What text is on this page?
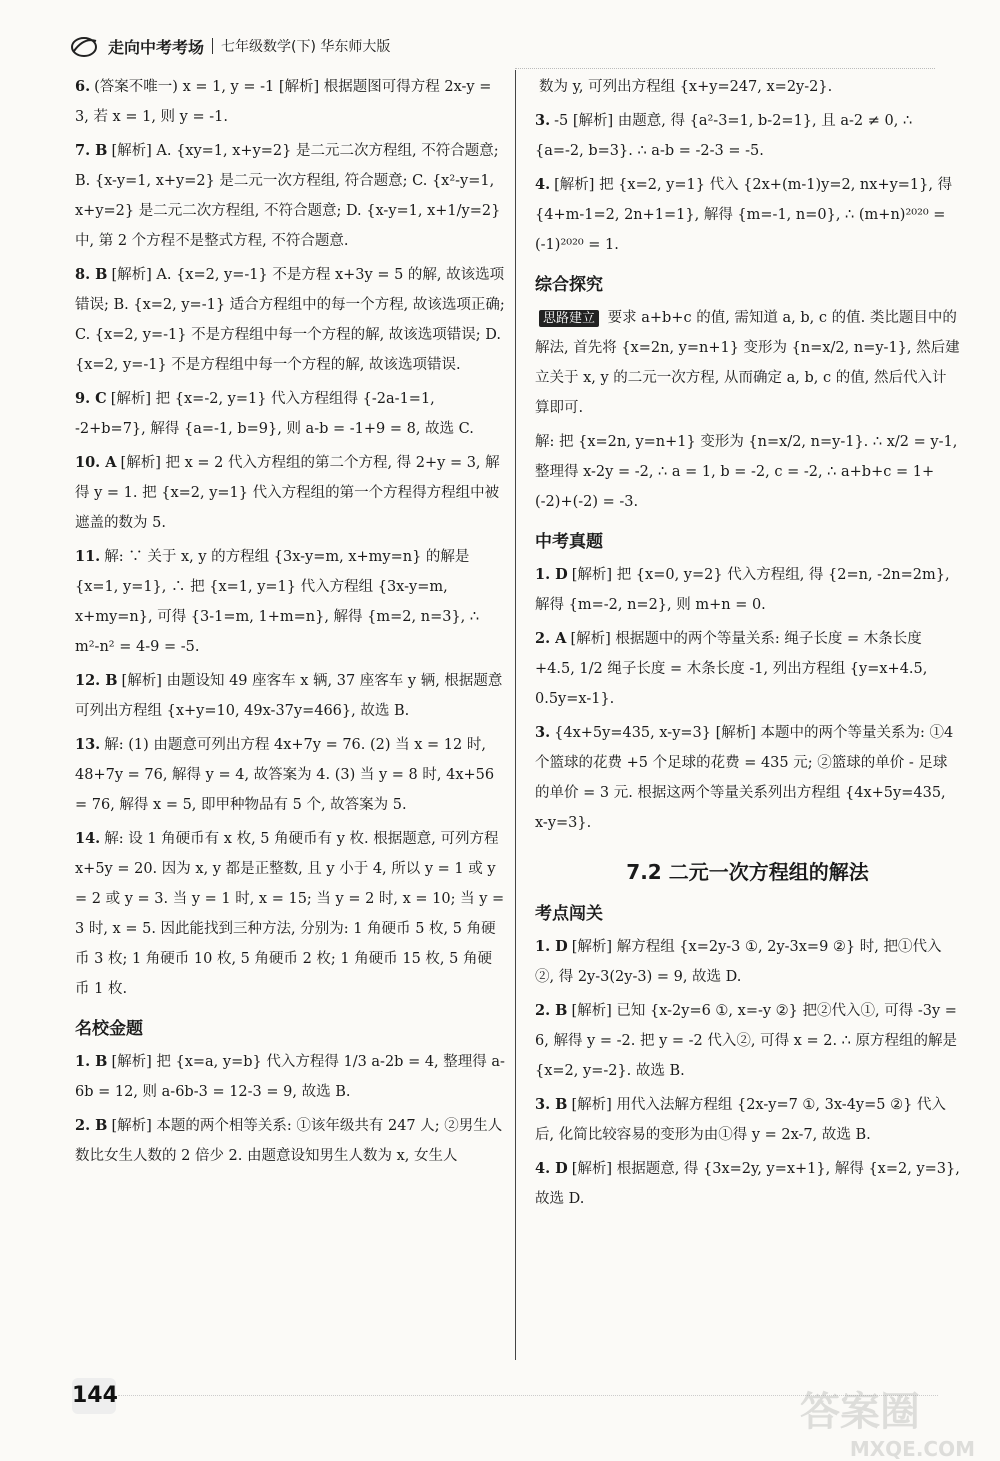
走向中考考场 七年级数学(下) 华东师大版
6. (答案不唯一) x = 1, y = -1 [解析] 根据题图可得方程 2x-y = 3, 若 x = 1, 则 y = -1.
7. B [解析] A. {xy=1, x+y=2} 是二元二次方程组, 不符合题意; B. {x-y=1, x+y=2} 是二元一次方程组, 符合题意; C. {x²-y=1, x+y=2} 是二元二次方程组, 不符合题意; D. {x-y=1, x+1/y=2} 中, 第 2 个方程不是整式方程, 不符合题意.
8. B [解析] A. {x=2, y=-1} 不是方程 x+3y = 5 的解, 故该选项错误; B. {x=2, y=-1} 适合方程组中的每一个方程, 故该选项正确; C. {x=2, y=-1} 不是方程组中每一个方程的解, 故该选项错误; D. {x=2, y=-1} 不是方程组中每一个方程的解, 故该选项错误.
9. C [解析] 把 {x=-2, y=1} 代入方程组得 {-2a-1=1, -2+b=7}, 解得 {a=-1, b=9}, 则 a-b = -1+9 = 8, 故选 C.
10. A [解析] 把 x = 2 代入方程组的第二个方程, 得 2+y = 3, 解得 y = 1. 把 {x=2, y=1} 代入方程组的第一个方程得方程组中被遮盖的数为 5.
11. 解: ∵ 关于 x, y 的方程组 {3x-y=m, x+my=n} 的解是 {x=1, y=1}, ∴ 把 {x=1, y=1} 代入方程组 {3x-y=m, x+my=n}, 可得 {3-1=m, 1+m=n}, 解得 {m=2, n=3}, ∴ m²-n² = 4-9 = -5.
12. B [解析] 由题设知 49 座客车 x 辆, 37 座客车 y 辆, 根据题意可列出方程组 {x+y=10, 49x-37y=466}, 故选 B.
13. 解: (1) 由题意可列出方程 4x+7y = 76. (2) 当 x = 12 时, 48+7y = 76, 解得 y = 4, 故答案为 4. (3) 当 y = 8 时, 4x+56 = 76, 解得 x = 5, 即甲种物品有 5 个, 故答案为 5.
14. 解: 设 1 角硬币有 x 枚, 5 角硬币有 y 枚. 根据题意, 可列方程 x+5y = 20. 因为 x, y 都是正整数, 且 y 小于 4, 所以 y = 1 或 y = 2 或 y = 3. 当 y = 1 时, x = 15; 当 y = 2 时, x = 10; 当 y = 3 时, x = 5. 因此能找到三种方法, 分别为: 1 角硬币 5 枚, 5 角硬币 3 枚; 1 角硬币 10 枚, 5 角硬币 2 枚; 1 角硬币 15 枚, 5 角硬币 1 枚.
名校金题
1. B [解析] 把 {x=a, y=b} 代入方程得 1/3 a-2b = 4, 整理得 a-6b = 12, 则 a-6b-3 = 12-3 = 9, 故选 B.
2. B [解析] 本题的两个相等关系: ①该年级共有 247 人; ②男生人数比女生人数的 2 倍少 2. 由题意设知男生人数为 x, 女生人
数为 y, 可列出方程组 {x+y=247, x=2y-2}.
3. -5 [解析] 由题意, 得 {a²-3=1, b-2=1}, 且 a-2 ≠ 0, ∴ {a=-2, b=3}. ∴ a-b = -2-3 = -5.
4. [解析] 把 {x=2, y=1} 代入 {2x+(m-1)y=2, nx+y=1}, 得 {4+m-1=2, 2n+1=1}, 解得 {m=-1, n=0}, ∴ (m+n)²⁰²⁰ = (-1)²⁰²⁰ = 1.
综合探究
思路建立 要求 a+b+c 的值, 需知道 a, b, c 的值. 类比题目中的解法, 首先将 {x=2n, y=n+1} 变形为 {n=x/2, n=y-1}, 然后建立关于 x, y 的二元一次方程, 从而确定 a, b, c 的值, 然后代入计算即可.
解: 把 {x=2n, y=n+1} 变形为 {n=x/2, n=y-1}. ∴ x/2 = y-1, 整理得 x-2y = -2, ∴ a = 1, b = -2, c = -2, ∴ a+b+c = 1+(-2)+(-2) = -3.
中考真题
1. D [解析] 把 {x=0, y=2} 代入方程组, 得 {2=n, -2n=2m}, 解得 {m=-2, n=2}, 则 m+n = 0.
2. A [解析] 根据题中的两个等量关系: 绳子长度 = 木条长度 +4.5, 1/2 绳子长度 = 木条长度 -1, 列出方程组 {y=x+4.5, 0.5y=x-1}.
3. {4x+5y=435, x-y=3} [解析] 本题中的两个等量关系为: ①4 个篮球的花费 +5 个足球的花费 = 435 元; ②篮球的单价 - 足球的单价 = 3 元. 根据这两个等量关系列出方程组 {4x+5y=435, x-y=3}.
7.2 二元一次方程组的解法
考点闯关
1. D [解析] 解方程组 {x=2y-3 ①, 2y-3x=9 ②} 时, 把①代入②, 得 2y-3(2y-3) = 9, 故选 D.
2. B [解析] 已知 {x-2y=6 ①, x=-y ②} 把②代入①, 可得 -3y = 6, 解得 y = -2. 把 y = -2 代入②, 可得 x = 2. ∴ 原方程组的解是 {x=2, y=-2}. 故选 B.
3. B [解析] 用代入法解方程组 {2x-y=7 ①, 3x-4y=5 ②} 代入后, 化简比较容易的变形为由①得 y = 2x-7, 故选 B.
4. D [解析] 根据题意, 得 {3x=2y, y=x+1}, 解得 {x=2, y=3}, 故选 D.
144	答案圈
MXQE.COM
